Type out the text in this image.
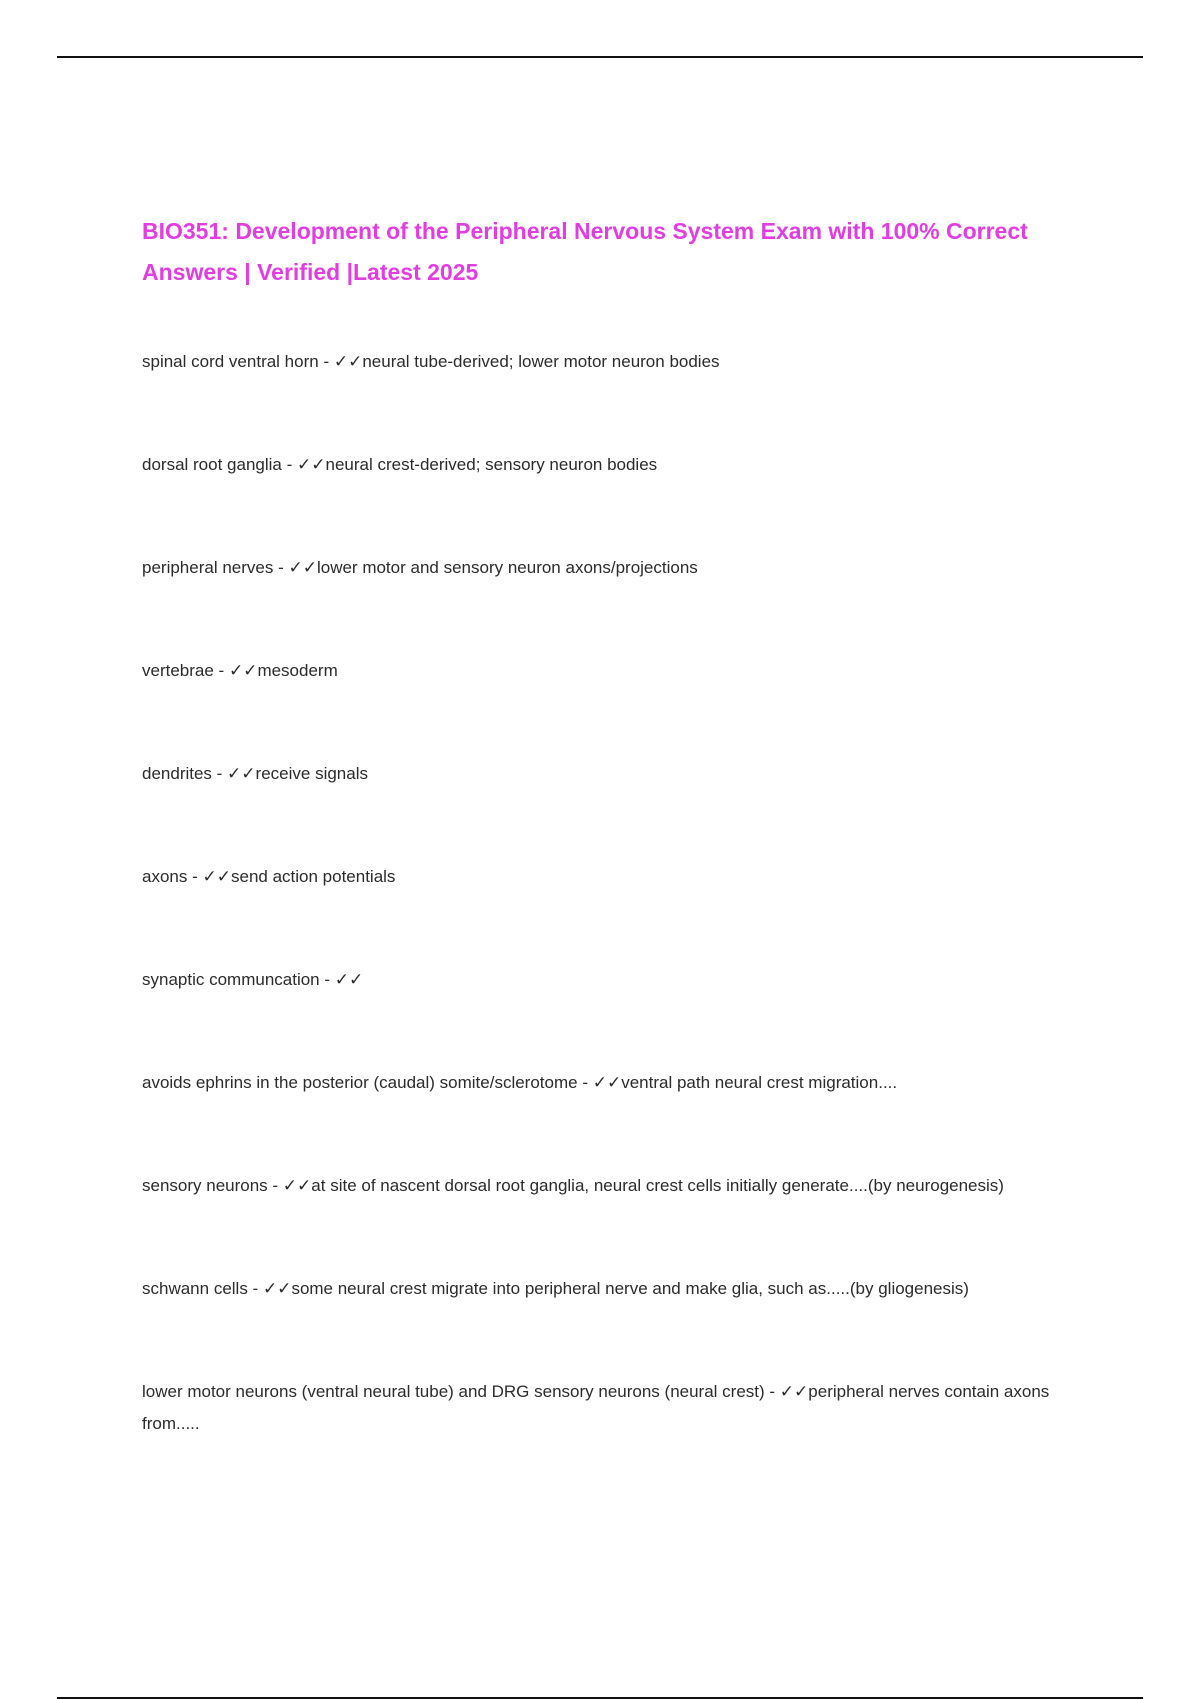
BIO351: Development of the Peripheral Nervous System Exam with 100% Correct Answers | Verified |Latest 2025
spinal cord ventral horn - ✓✓neural tube-derived; lower motor neuron bodies
dorsal root ganglia - ✓✓neural crest-derived; sensory neuron bodies
peripheral nerves - ✓✓lower motor and sensory neuron axons/projections
vertebrae - ✓✓mesoderm
dendrites - ✓✓receive signals
axons - ✓✓send action potentials
synaptic communcation - ✓✓
avoids ephrins in the posterior (caudal) somite/sclerotome - ✓✓ventral path neural crest migration....
sensory neurons - ✓✓at site of nascent dorsal root ganglia, neural crest cells initially generate....(by neurogenesis)
schwann cells - ✓✓some neural crest migrate into peripheral nerve and make glia, such as.....(by gliogenesis)
lower motor neurons (ventral neural tube) and DRG sensory neurons (neural crest) - ✓✓peripheral nerves contain axons from.....
